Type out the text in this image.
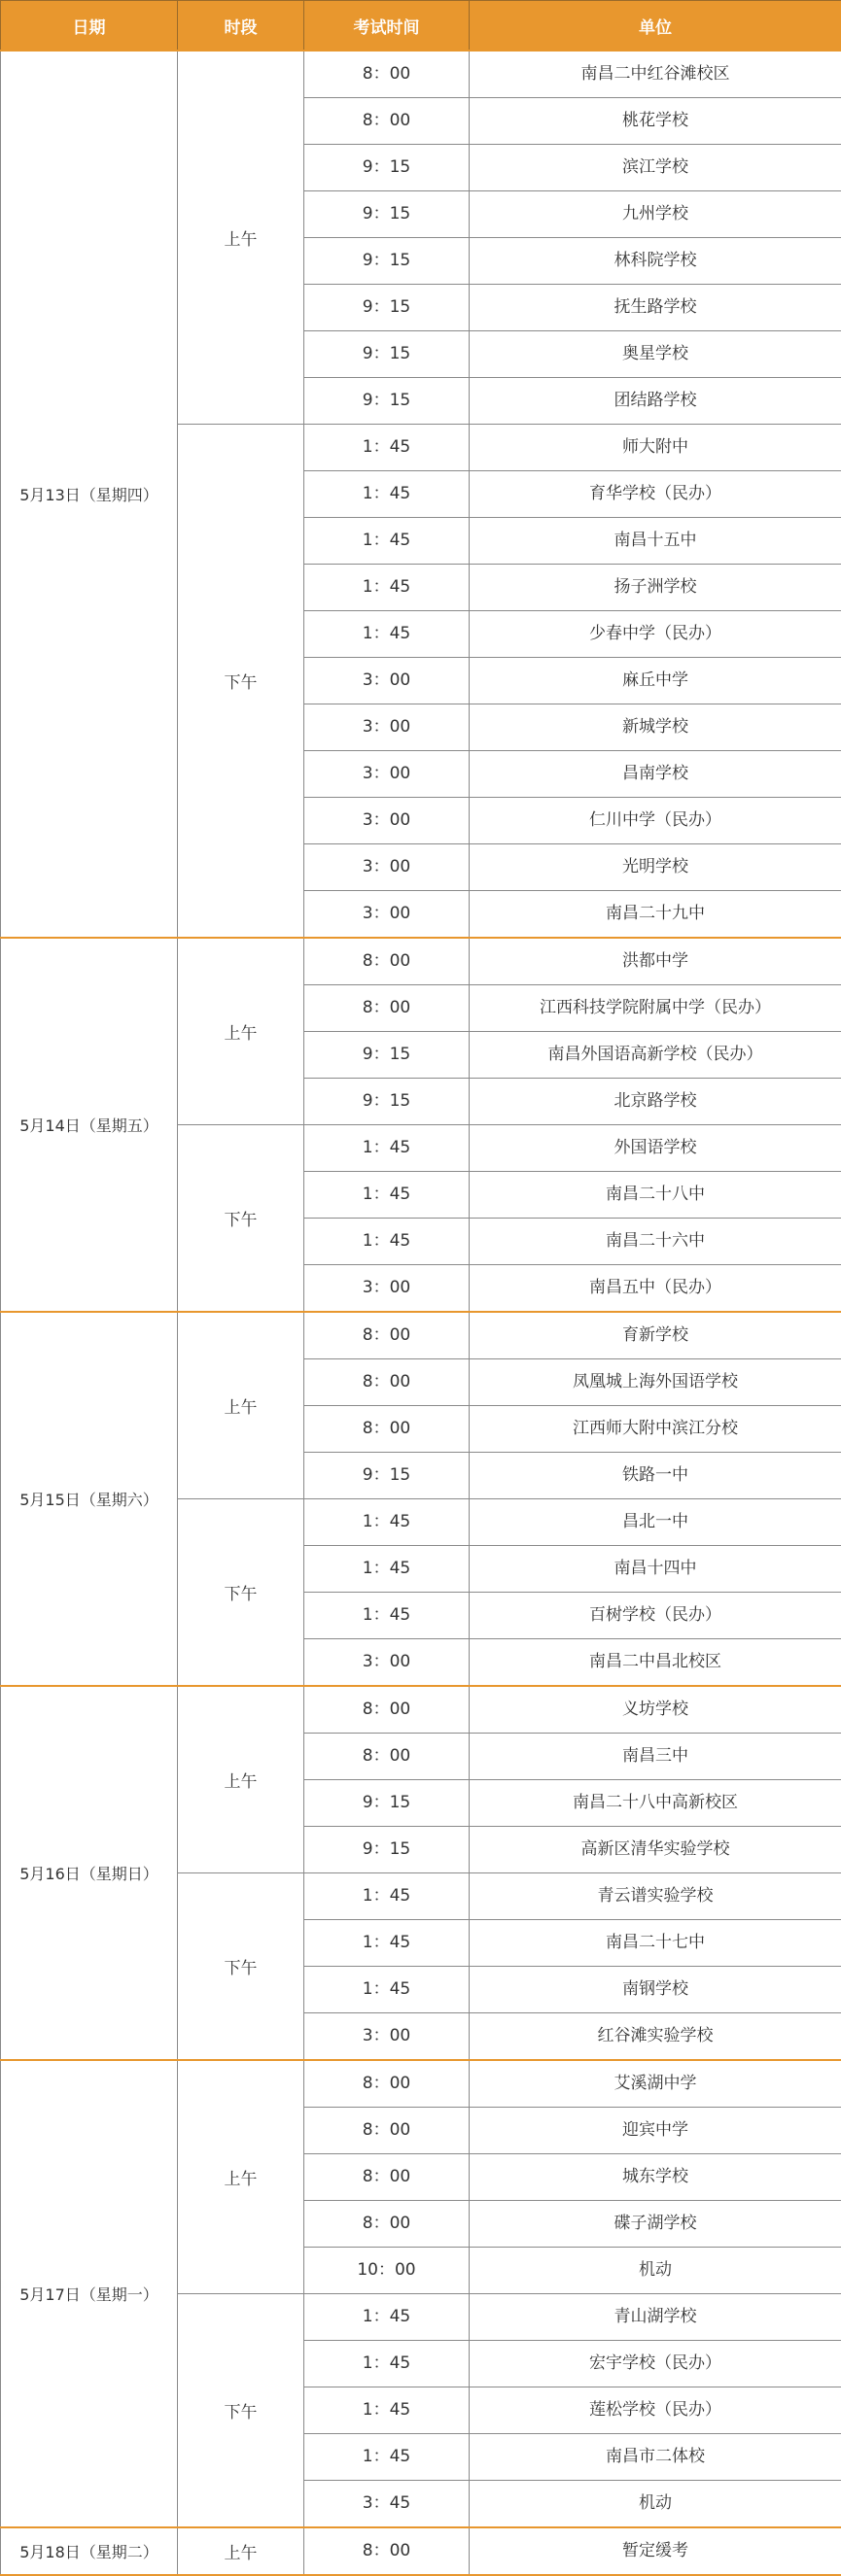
日期	时段	考试时间	单位
5月13日（星期四）	上午	8：00	南昌二中红谷滩校区
		8：00	桃花学校
		9：15	滨江学校
		9：15	九州学校
		9：15	林科院学校
		9：15	抚生路学校
		9：15	奥星学校
		9：15	团结路学校
	下午	1：45	师大附中
		1：45	育华学校（民办）
		1：45	南昌十五中
		1：45	扬子洲学校
		1：45	少春中学（民办）
		3：00	麻丘中学
		3：00	新城学校
		3：00	昌南学校
		3：00	仁川中学（民办）
		3：00	光明学校
		3：00	南昌二十九中
5月14日（星期五）	上午	8：00	洪都中学
		8：00	江西科技学院附属中学（民办）
		9：15	南昌外国语高新学校（民办）
		9：15	北京路学校
	下午	1：45	外国语学校
		1：45	南昌二十八中
		1：45	南昌二十六中
		3：00	南昌五中（民办）
5月15日（星期六）	上午	8：00	育新学校
		8：00	凤凰城上海外国语学校
		8：00	江西师大附中滨江分校
		9：15	铁路一中
	下午	1：45	昌北一中
		1：45	南昌十四中
		1：45	百树学校（民办）
		3：00	南昌二中昌北校区
5月16日（星期日）	上午	8：00	义坊学校
		8：00	南昌三中
		9：15	南昌二十八中高新校区
		9：15	高新区清华实验学校
	下午	1：45	青云谱实验学校
		1：45	南昌二十七中
		1：45	南钢学校
		3：00	红谷滩实验学校
5月17日（星期一）	上午	8：00	艾溪湖中学
		8：00	迎宾中学
		8：00	城东学校
		8：00	碟子湖学校
		10：00	机动
	下午	1：45	青山湖学校
		1：45	宏宇学校（民办）
		1：45	莲松学校（民办）
		1：45	南昌市二体校
		3：45	机动
5月18日（星期二）	上午	8：00	暂定缓考
